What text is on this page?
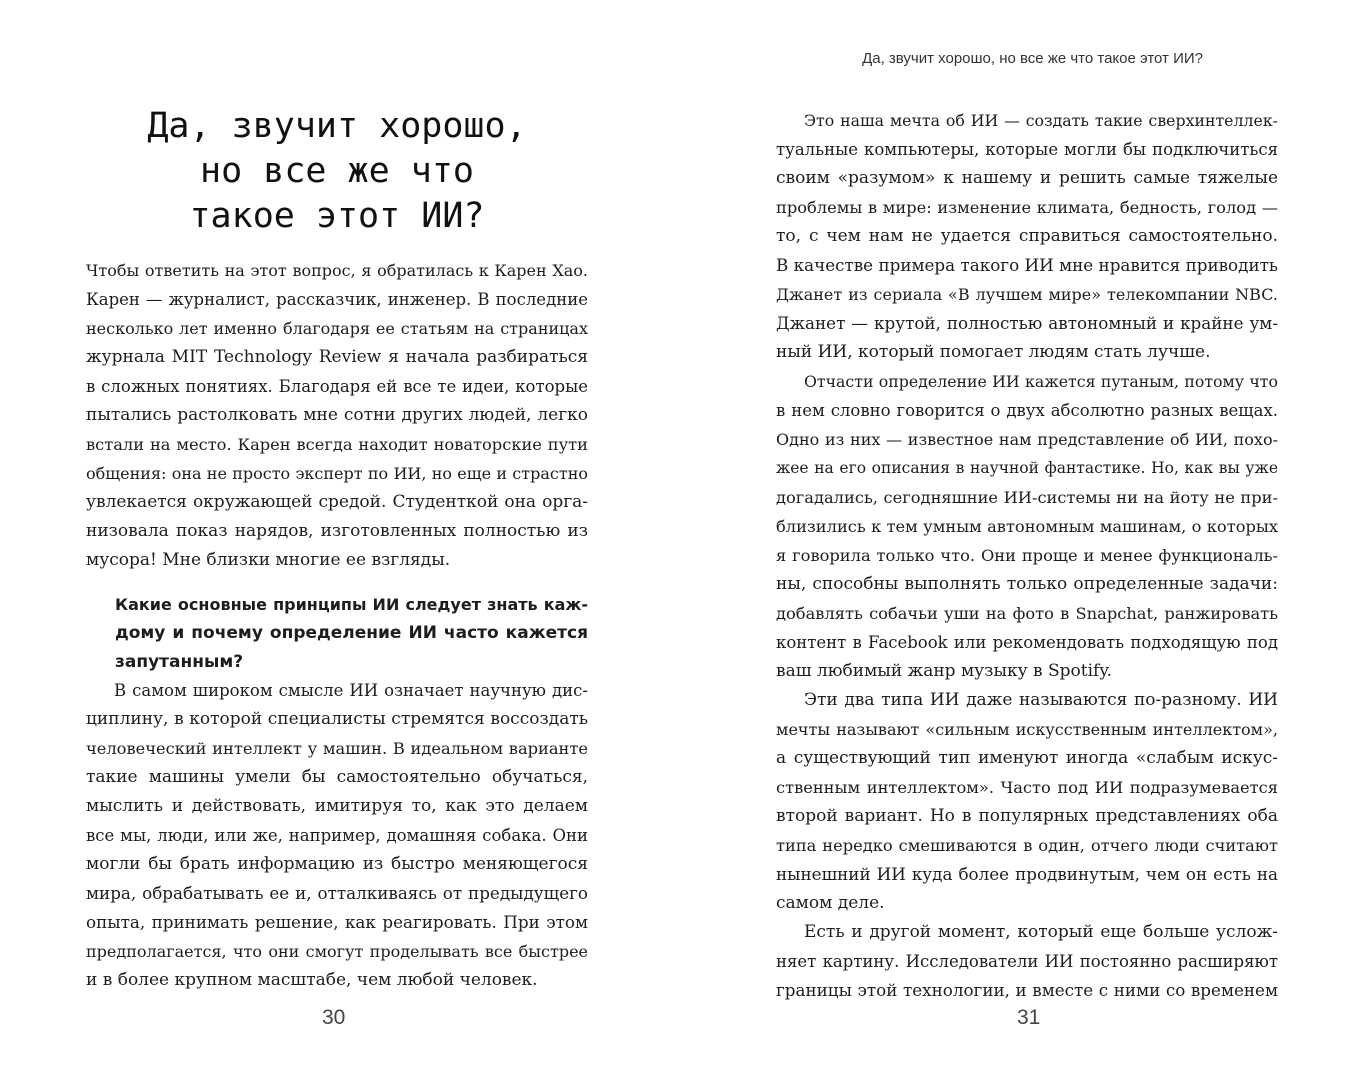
Да, звучит хорошо,
но все же что
такое этот ИИ?
Чтобы ответить на этот вопрос, я обратилась к Карен Хао.
Карен — журналист, рассказчик, инженер. В последние
несколько лет именно благодаря ее статьям на страницах
журнала MIT Technology Review я начала разбираться
в сложных понятиях. Благодаря ей все те идеи, которые
пытались растолковать мне сотни других людей, легко
встали на место. Карен всегда находит новаторские пути
общения: она не просто эксперт по ИИ, но еще и страстно
увлекается окружающей средой. Студенткой она орга-
низовала показ нарядов, изготовленных полностью из
мусора! Мне близки многие ее взгляды.
Какие основные принципы ИИ следует знать каж-
дому и почему определение ИИ часто кажется
запутанным?
В самом широком смысле ИИ означает научную дис-
циплину, в которой специалисты стремятся воссоздать
человеческий интеллект у машин. В идеальном варианте
такие машины умели бы самостоятельно обучаться,
мыслить и действовать, имитируя то, как это делаем
все мы, люди, или же, например, домашняя собака. Они
могли бы брать информацию из быстро меняющегося
мира, обрабатывать ее и, отталкиваясь от предыдущего
опыта, принимать решение, как реагировать. При этом
предполагается, что они смогут проделывать все быстрее
и в более крупном масштабе, чем любой человек.
30
Да, звучит хорошо, но все же что такое этот ИИ?
Это наша мечта об ИИ — создать такие сверхинтеллек-
туальные компьютеры, которые могли бы подключиться
своим «разумом» к нашему и решить самые тяжелые
проблемы в мире: изменение климата, бедность, голод —
то, с чем нам не удается справиться самостоятельно.
В качестве примера такого ИИ мне нравится приводить
Джанет из сериала «В лучшем мире» телекомпании NBC.
Джанет — крутой, полностью автономный и крайне ум-
ный ИИ, который помогает людям стать лучше.
Отчасти определение ИИ кажется путаным, потому что
в нем словно говорится о двух абсолютно разных вещах.
Одно из них — известное нам представление об ИИ, похо-
жее на его описания в научной фантастике. Но, как вы уже
догадались, сегодняшние ИИ-системы ни на йоту не при-
близились к тем умным автономным машинам, о которых
я говорила только что. Они проще и менее функциональ-
ны, способны выполнять только определенные задачи:
добавлять собачьи уши на фото в Snapchat, ранжировать
контент в Facebook или рекомендовать подходящую под
ваш любимый жанр музыку в Spotify.
Эти два типа ИИ даже называются по-разному. ИИ
мечты называют «сильным искусственным интеллектом»,
а существующий тип именуют иногда «слабым искус-
ственным интеллектом». Часто под ИИ подразумевается
второй вариант. Но в популярных представлениях оба
типа нередко смешиваются в один, отчего люди считают
нынешний ИИ куда более продвинутым, чем он есть на
самом деле.
Есть и другой момент, который еще больше услож-
няет картину. Исследователи ИИ постоянно расширяют
границы этой технологии, и вместе с ними со временем
31
